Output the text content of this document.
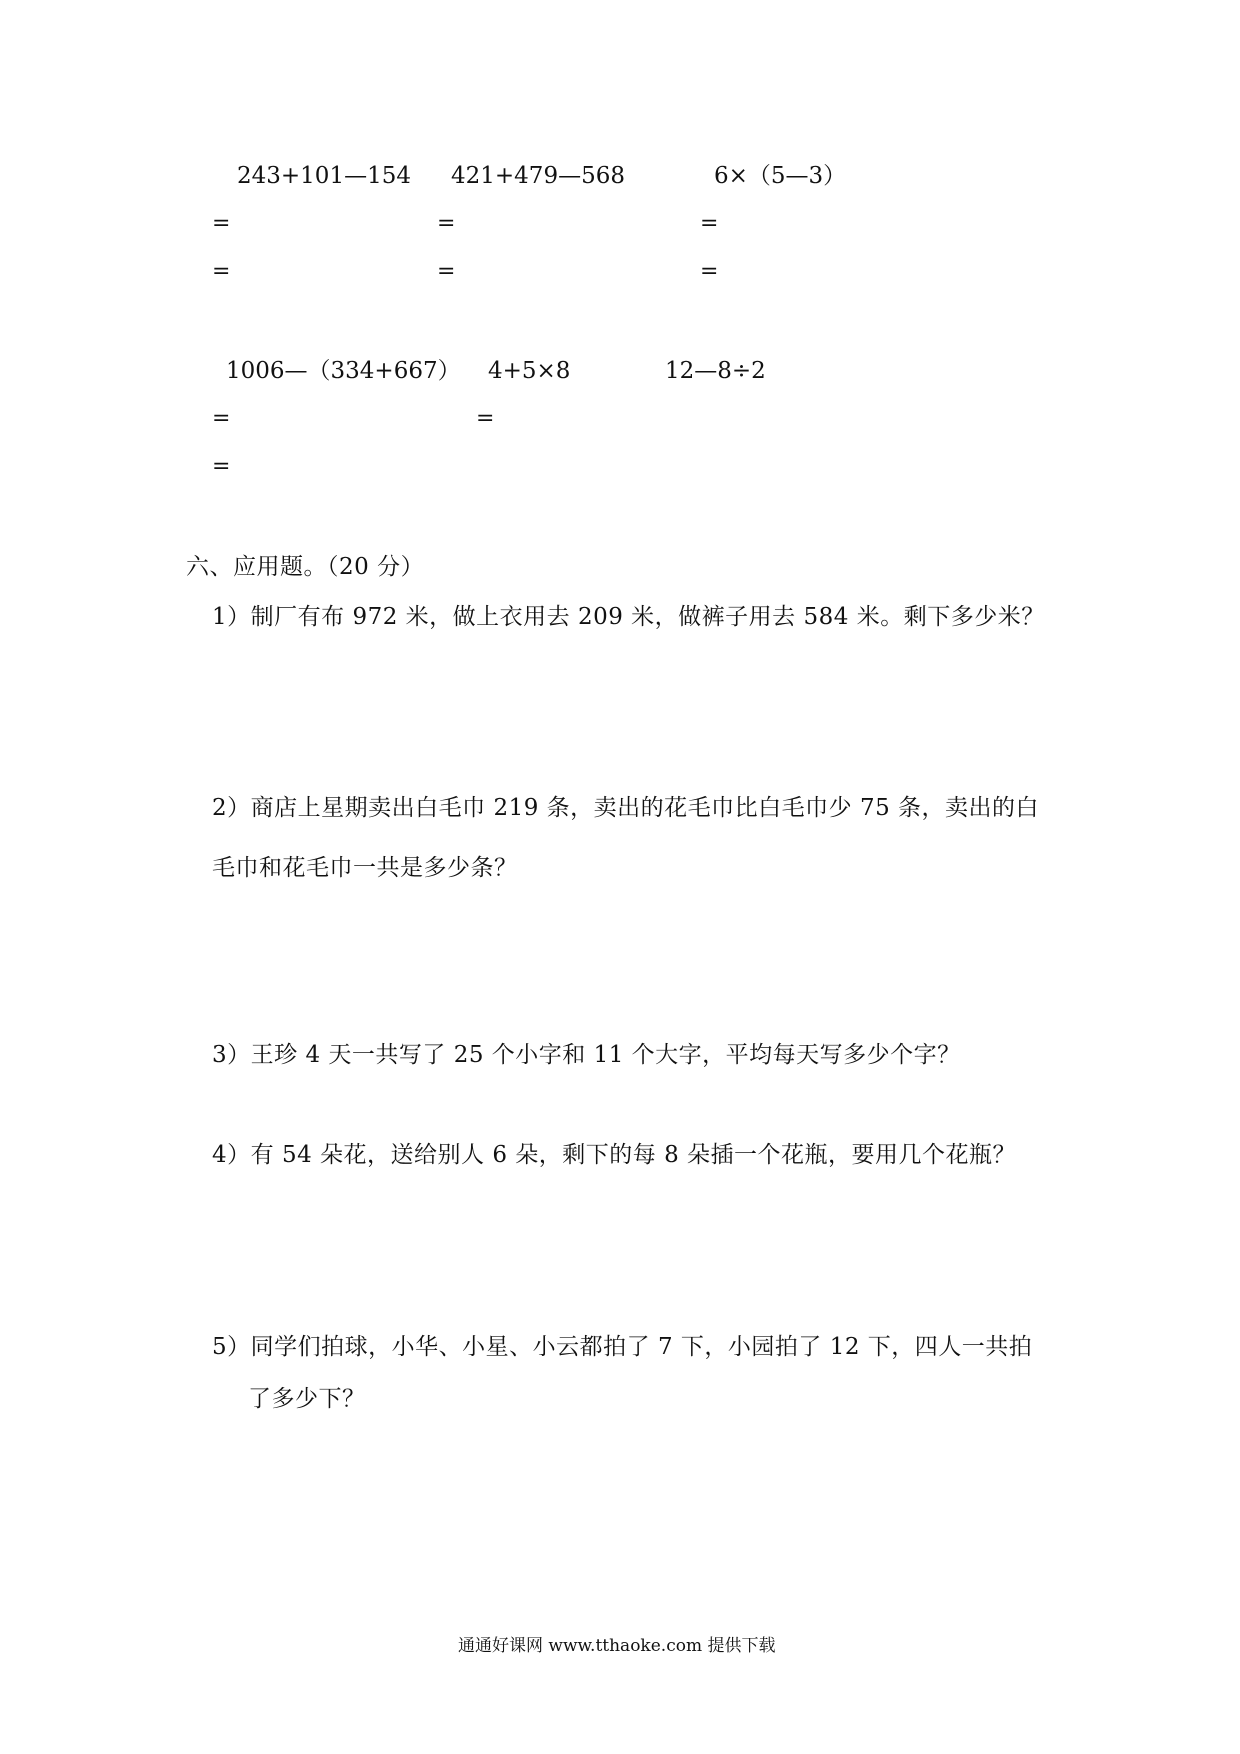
243+101—154
=
=
421+479—568
=
=
6×（5—3）
=
=
1006—（334+667）
=
=
4+5×8
=
12—8÷2
六、应用题。（20 分）
1）制厂有布 972 米，做上衣用去 209 米，做裤子用去 584 米。剩下多少米？
2）商店上星期卖出白毛巾 219 条，卖出的花毛巾比白毛巾少 75 条，卖出的白
毛巾和花毛巾一共是多少条？
3）王珍 4 天一共写了 25 个小字和 11 个大字，平均每天写多少个字？
4）有 54 朵花，送给别人 6 朵，剩下的每 8 朵插一个花瓶，要用几个花瓶？
5）同学们拍球，小华、小星、小云都拍了 7 下，小园拍了 12 下，四人一共拍
了多少下？
通通好课网 www.tthaoke.com 提供下载
